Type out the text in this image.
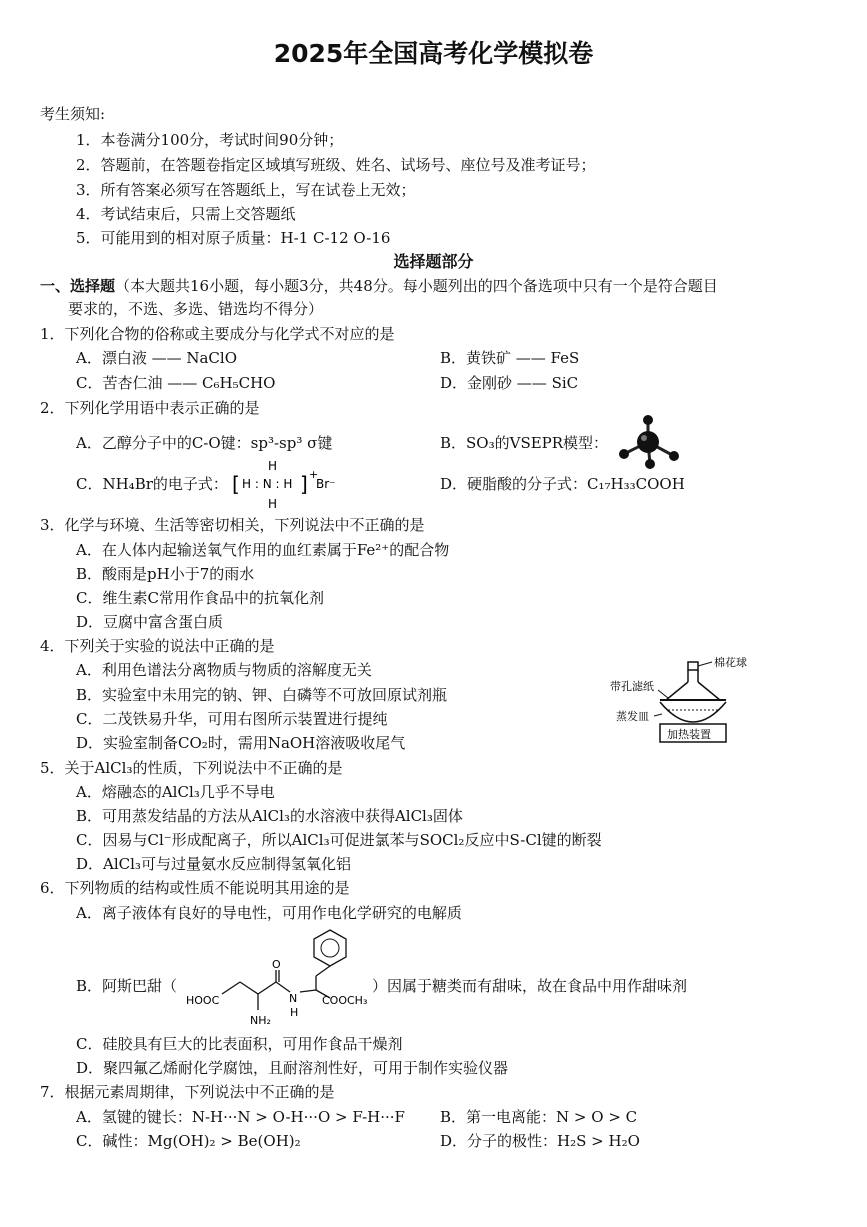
2025年全国高考化学模拟卷
考生须知:
1．本卷满分100分，考试时间90分钟；
2．答题前，在答题卷指定区域填写班级、姓名、试场号、座位号及准考证号；
3．所有答案必须写在答题纸上，写在试卷上无效；
4．考试结束后，只需上交答题纸
5．可能用到的相对原子质量：H-1 C-12 O-16
选择题部分
一、选择题（本大题共16小题，每小题3分，共48分。每小题列出的四个备选项中只有一个是符合题目
要求的，不选、多选、错选均不得分）
1．下列化合物的俗称或主要成分与化学式不对应的是
A．漂白液 —— NaClO	B．黄铁矿 —— FeS
C．苦杏仁油 —— C₆H₅CHO	D．金刚砂 —— SiC
2．下列化学用语中表示正确的是
A．乙醇分子中的C-O键：sp³-sp³ σ键	B．SO₃的VSEPR模型：
C．NH₄Br的电子式： [
H
H : N : H
H
] +
Br⁻	D．硬脂酸的分子式：C₁₇H₃₃COOH
3．化学与环境、生活等密切相关，下列说法中不正确的是
A．在人体内起输送氧气作用的血红素属于Fe²⁺的配合物
B．酸雨是pH小于7的雨水
C．维生素C常用作食品中的抗氧化剂
D．豆腐中富含蛋白质
4．下列关于实验的说法中正确的是
A．利用色谱法分离物质与物质的溶解度无关
B．实验室中未用完的钠、钾、白磷等不可放回原试剂瓶
C．二茂铁易升华，可用右图所示装置进行提纯
D．实验室制备CO₂时，需用NaOH溶液吸收尾气
棉花球
带孔滤纸
蒸发皿
加热装置
5．关于AlCl₃的性质，下列说法中不正确的是
A．熔融态的AlCl₃几乎不导电
B．可用蒸发结晶的方法从AlCl₃的水溶液中获得AlCl₃固体
C．因易与Cl⁻形成配离子，所以AlCl₃可促进氯苯与SOCl₂反应中S-Cl键的断裂
D．AlCl₃可与过量氨水反应制得氢氧化铝
6．下列物质的结构或性质不能说明其用途的是
A．离子液体有良好的导电性，可用作电化学研究的电解质
B．阿斯巴甜（
O
HOOC	N
H
COOCH₃
NH₂
）因属于糖类而有甜味，故在食品中用作甜味剂
C．硅胶具有巨大的比表面积，可用作食品干燥剂
D．聚四氟乙烯耐化学腐蚀，且耐溶剂性好，可用于制作实验仪器
7．根据元素周期律，下列说法中不正确的是
A．氢键的键长：N-H···N > O-H···O > F-H···F B．第一电离能：N > O > C
C．碱性：Mg(OH)₂ > Be(OH)₂	D．分子的极性：H₂S > H₂O
